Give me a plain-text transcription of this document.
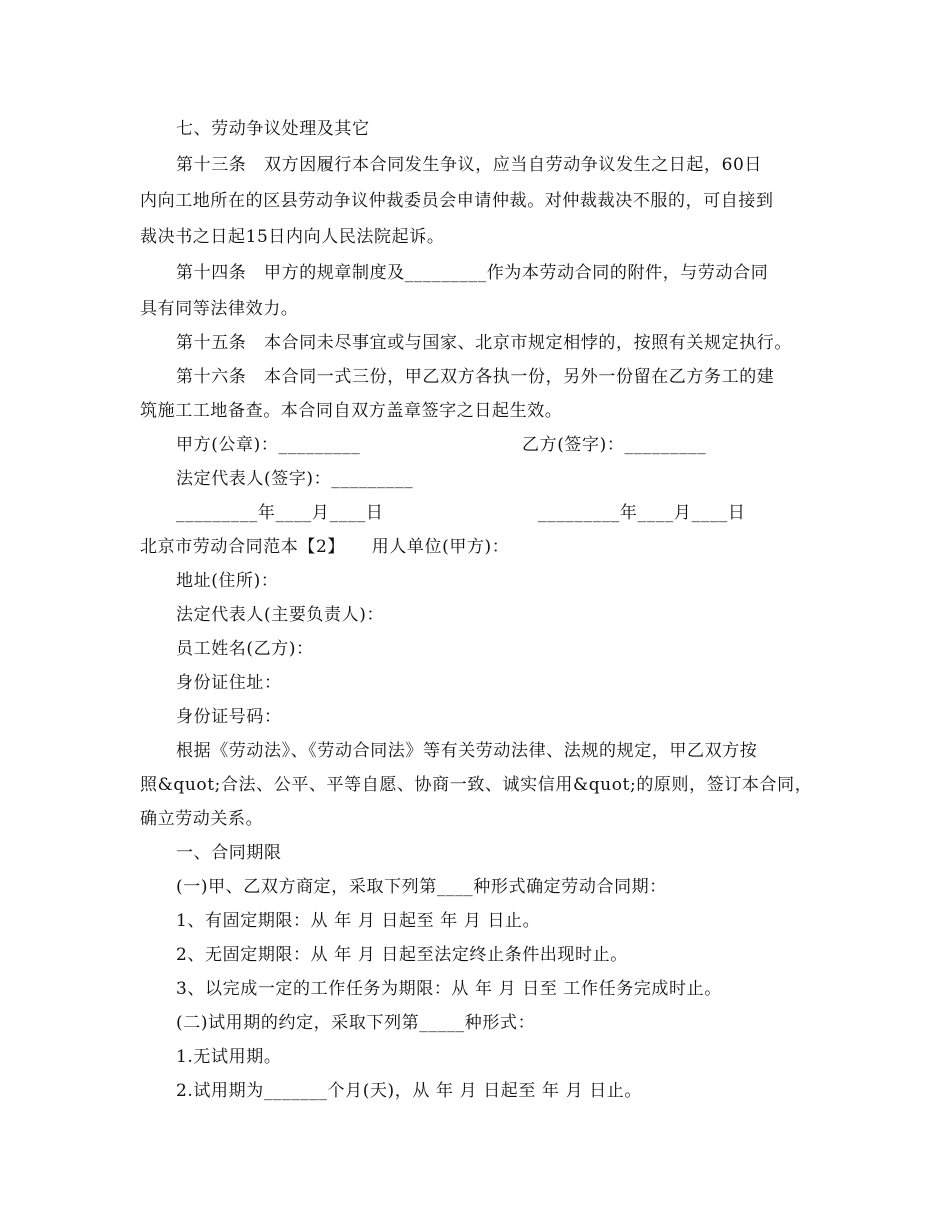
七、劳动争议处理及其它
第十三条　双方因履行本合同发生争议，应当自劳动争议发生之日起，60日
内向工地所在的区县劳动争议仲裁委员会申请仲裁。对仲裁裁决不服的，可自接到
裁决书之日起15日内向人民法院起诉。
第十四条　甲方的规章制度及_________作为本劳动合同的附件，与劳动合同
具有同等法律效力。
第十五条　本合同未尽事宜或与国家、北京市规定相悖的，按照有关规定执行。
第十六条　本合同一式三份，甲乙双方各执一份，另外一份留在乙方务工的建
筑施工工地备查。本合同自双方盖章签字之日起生效。
甲方(公章)：_________	乙方(签字)：_________
法定代表人(签字)：_________
_________年____月____日	_________年____月____日
北京市劳动合同范本【2】　　用人单位(甲方)：
地址(住所)：
法定代表人(主要负责人)：
员工姓名(乙方)：
身份证住址：
身份证号码：
根据《劳动法》、《劳动合同法》等有关劳动法律、法规的规定，甲乙双方按
照&quot;合法、公平、平等自愿、协商一致、诚实信用&quot;的原则，签订本合同，
确立劳动关系。
一、合同期限
(一)甲、乙双方商定，采取下列第____种形式确定劳动合同期：
1、有固定期限：从 年 月 日起至 年 月 日止。
2、无固定期限：从 年 月 日起至法定终止条件出现时止。
3、以完成一定的工作任务为期限：从 年 月 日至 工作任务完成时止。
(二)试用期的约定，采取下列第_____种形式：
1.无试用期。
2.试用期为_______个月(天)，从 年 月 日起至 年 月 日止。
